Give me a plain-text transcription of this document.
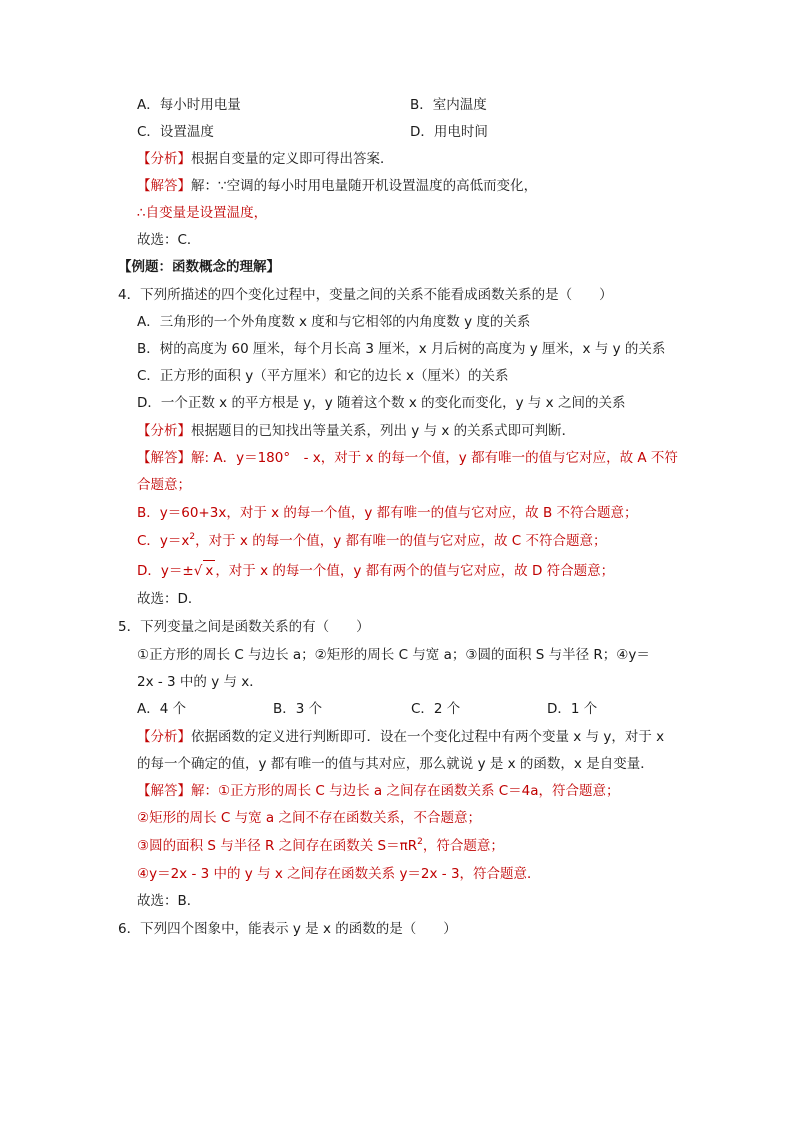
A．每小时用电量	B．室内温度
C．设置温度	D．用电时间
【分析】根据自变量的定义即可得出答案．
【解答】解：∵空调的每小时用电量随开机设置温度的高低而变化，
∴自变量是设置温度，
故选：C．
【例题：函数概念的理解】
4．下列所描述的四个变化过程中，变量之间的关系不能看成函数关系的是（　　）
A．三角形的一个外角度数 x 度和与它相邻的内角度数 y 度的关系
B．树的高度为 60 厘米，每个月长高 3 厘米，x 月后树的高度为 y 厘米，x 与 y 的关系
C．正方形的面积 y（平方厘米）和它的边长 x（厘米）的关系
D．一个正数 x 的平方根是 y，y 随着这个数 x 的变化而变化，y 与 x 之间的关系
【分析】根据题目的已知找出等量关系，列出 y 与 x 的关系式即可判断．
【解答】解: A．y＝180°　- x，对于 x 的每一个值，y 都有唯一的值与它对应，故 A 不符
合题意；
B．y＝60+3x，对于 x 的每一个值，y 都有唯一的值与它对应，故 B 不符合题意；
C．$y=x^2$，对于 x 的每一个值，y 都有唯一的值与它对应，故 C 不符合题意；
D．y＝±√ x ，对于 x 的每一个值，y 都有两个的值与它对应，故 D 符合题意；
故选：D．
5．下列变量之间是函数关系的有（　　）
①正方形的周长 C 与边长 a；②矩形的周长 C 与宽 a；③圆的面积 S 与半径 R；④y＝
2x - 3 中的 y 与 x．
A．4 个	B．3 个	C．2 个	D．1 个
【分析】依据函数的定义进行判断即可．设在一个变化过程中有两个变量 x 与 y，对于 x
的每一个确定的值，y 都有唯一的值与其对应，那么就说 y 是 x 的函数，x 是自变量．
【解答】解：①正方形的周长 C 与边长 a 之间存在函数关系 C＝4a，符合题意；
②矩形的周长 C 与宽 a 之间不存在函数关系，不合题意；
③圆的面积 S 与半径 R 之间存在函数关 $S=\pi R^2$，符合题意；
④y＝2x - 3 中的 y 与 x 之间存在函数关系 y＝2x - 3，符合题意．
故选：B．
6．下列四个图象中，能表示 y 是 x 的函数的是（　　）
